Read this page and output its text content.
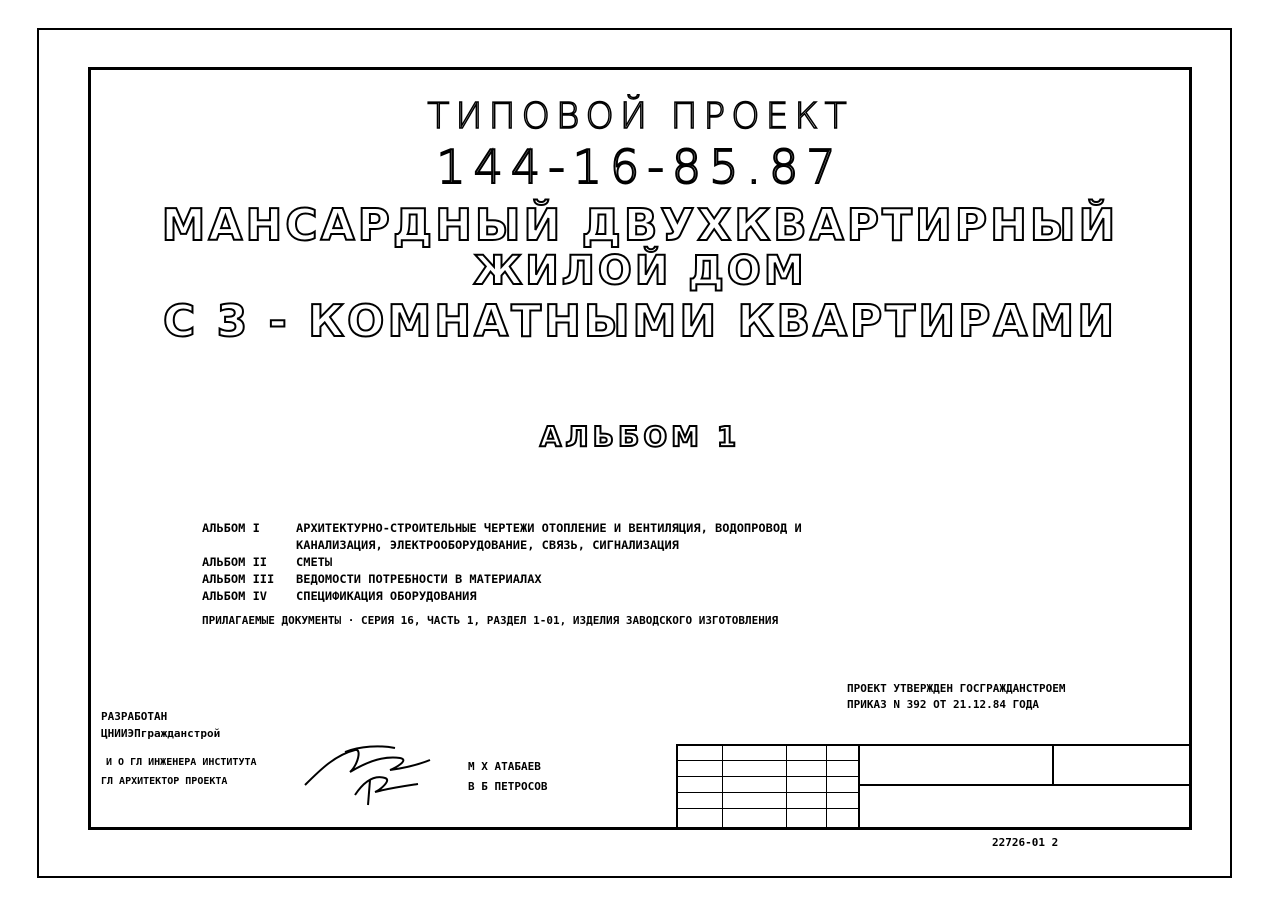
ТИПОВОЙ ПРОЕКТ
144-16-85.87
МАНСАРДНЫЙ ДВУХКВАРТИРНЫЙ
ЖИЛОЙ ДОМ
С 3 - КОМНАТНЫМИ КВАРТИРАМИ
АЛЬБОМ 1
АЛЬБОМ I	АРХИТЕКТУРНО-СТРОИТЕЛЬНЫЕ ЧЕРТЕЖИ ОТОПЛЕНИЕ И ВЕНТИЛЯЦИЯ, ВОДОПРОВОД И
КАНАЛИЗАЦИЯ, ЭЛЕКТРООБОРУДОВАНИЕ, СВЯЗЬ, СИГНАЛИЗАЦИЯ
АЛЬБОМ II СМЕТЫ
АЛЬБОМ III ВЕДОМОСТИ ПОТРЕБНОСТИ В МАТЕРИАЛАХ
АЛЬБОМ IV СПЕЦИФИКАЦИЯ ОБОРУДОВАНИЯ
ПРИЛАГАЕМЫЕ ДОКУМЕНТЫ · СЕРИЯ 16, ЧАСТЬ 1, РАЗДЕЛ 1-01, ИЗДЕЛИЯ ЗАВОДСКОГО ИЗГОТОВЛЕНИЯ
ПРОЕКТ УТВЕРЖДЕН ГОСГРАЖДАНСТРОЕМ
ПРИКАЗ N 392 ОТ 21.12.84 ГОДА
РАЗРАБОТАН
ЦНИИЭПгражданстрой
И О ГЛ ИНЖЕНЕРА ИНСТИТУТА
ГЛ АРХИТЕКТОР ПРОЕКТА
М Х АТАБАЕВ
В Б ПЕТРОСОВ
22726-01 2
